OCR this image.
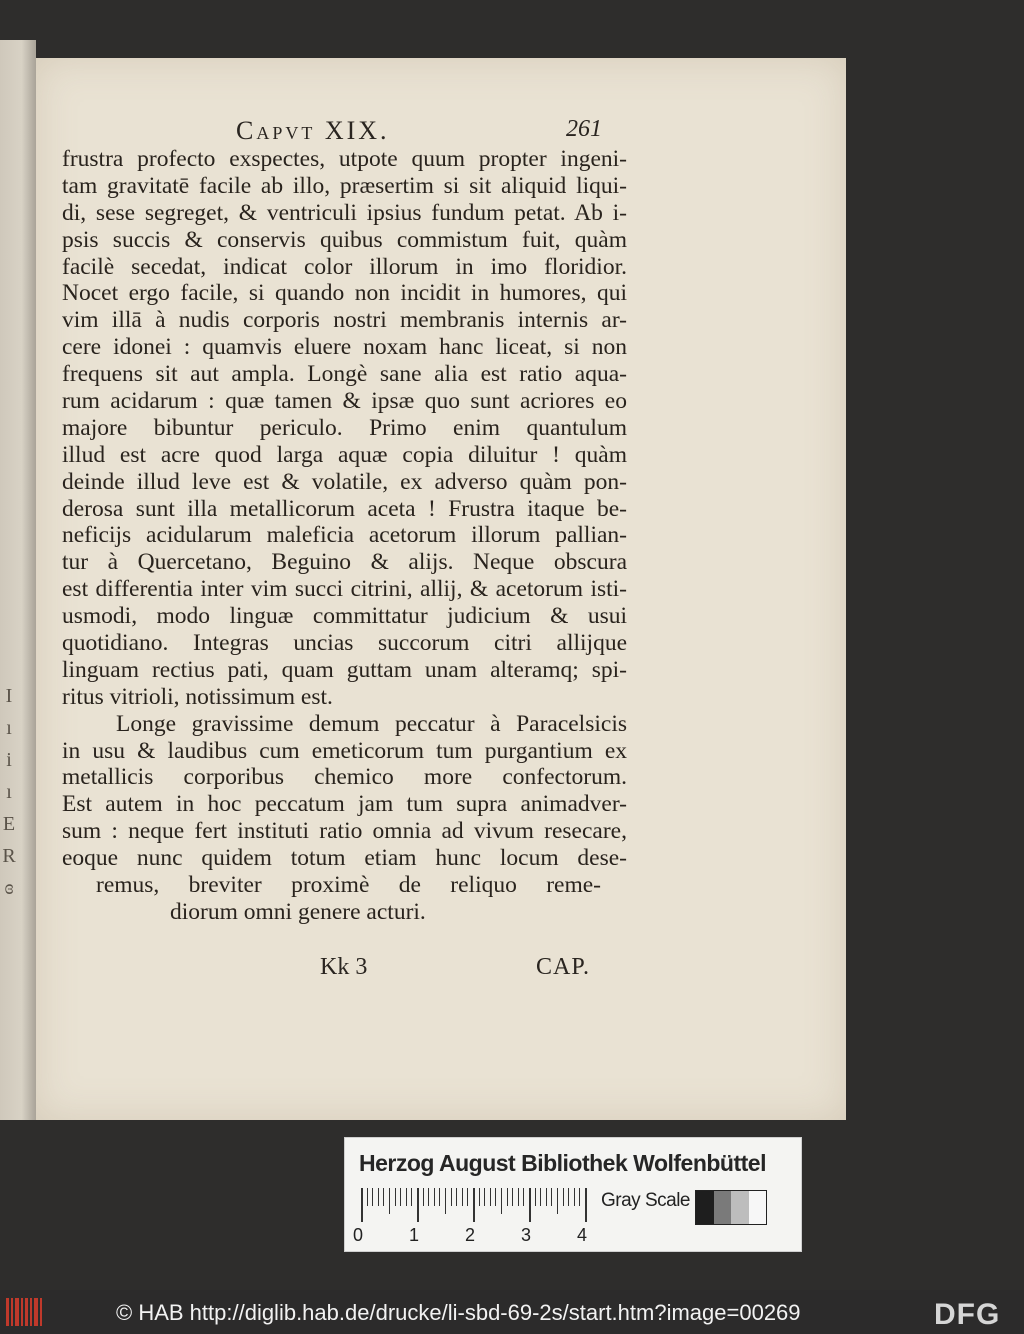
I
ı
i
ı
E
R
ɞ
Capvt XIX.	261
frustra profecto exspectes, utpote quum propter ingeni-
tam gravitatē facile ab illo, præsertim si sit aliquid liqui-
di, sese segreget, & ventriculi ipsius fundum petat. Ab i-
psis succis & conservis quibus commistum fuit, quàm
facilè secedat, indicat color illorum in imo floridior.
Nocet ergo facile, si quando non incidit in humores, qui
vim illā à nudis corporis nostri membranis internis ar-
cere idonei : quamvis eluere noxam hanc liceat, si non
frequens sit aut ampla. Longè sane alia est ratio aqua-
rum acidarum : quæ tamen & ipsæ quo sunt acriores eo
majore bibuntur periculo. Primo enim quantulum
illud est acre quod larga aquæ copia diluitur ! quàm
deinde illud leve est & volatile, ex adverso quàm pon-
derosa sunt illa metallicorum aceta ! Frustra itaque be-
neficijs acidularum maleficia acetorum illorum pallian-
tur à Quercetano, Beguino & alijs. Neque obscura
est differentia inter vim succi citrini, allij, & acetorum isti-
usmodi, modo linguæ committatur judicium & usui
quotidiano. Integras uncias succorum citri allijque
linguam rectius pati, quam guttam unam alteramq; spi-
ritus vitrioli, notissimum est.
Longe gravissime demum peccatur à Paracelsicis
in usu & laudibus cum emeticorum tum purgantium ex
metallicis corporibus chemico more confectorum.
Est autem in hoc peccatum jam tum supra animadver-
sum : neque fert instituti ratio omnia ad vivum resecare,
eoque nunc quidem totum etiam hunc locum dese-
remus, breviter proximè de reliquo reme-
diorum omni genere acturi.
Kk 3	CAP.
Herzog August Bibliothek Wolfenbüttel
0	1	2	3	4
Gray Scale
© HAB http://diglib.hab.de/drucke/li-sbd-69-2s/start.htm?image=00269	DFG
